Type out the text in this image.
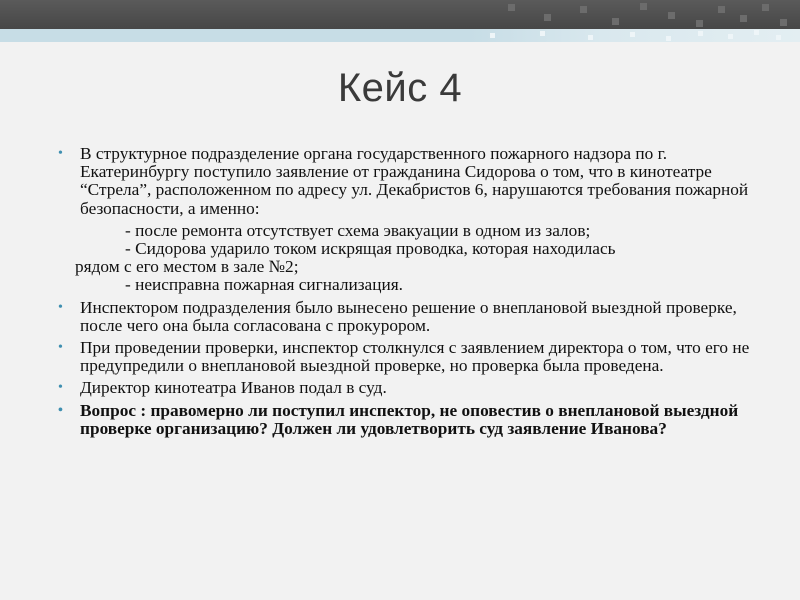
Кейс 4
• В структурное подразделение органа государственного пожарного надзора по г. Екатеринбургу поступило заявление от гражданина Сидорова о том, что в кинотеатре “Стрела”, расположенном по адресу ул. Декабристов 6, нарушаются требования пожарной безопасности, а именно:
- после ремонта отсутствует схема эвакуации в одном из залов;
- Сидорова ударило током искрящая проводка, которая находилась
рядом с его местом в зале №2;
- неисправна пожарная сигнализация.
• Инспектором подразделения было вынесено решение о внеплановой выездной проверке, после чего она была согласована с прокурором.
• При проведении проверки, инспектор столкнулся с заявлением директора о том, что его не предупредили о внеплановой выездной проверке, но проверка была проведена.
• Директор кинотеатра Иванов подал в суд.
• Вопрос : правомерно ли поступил инспектор, не оповестив о внеплановой выездной проверке организацию? Должен ли удовлетворить суд заявление Иванова?
